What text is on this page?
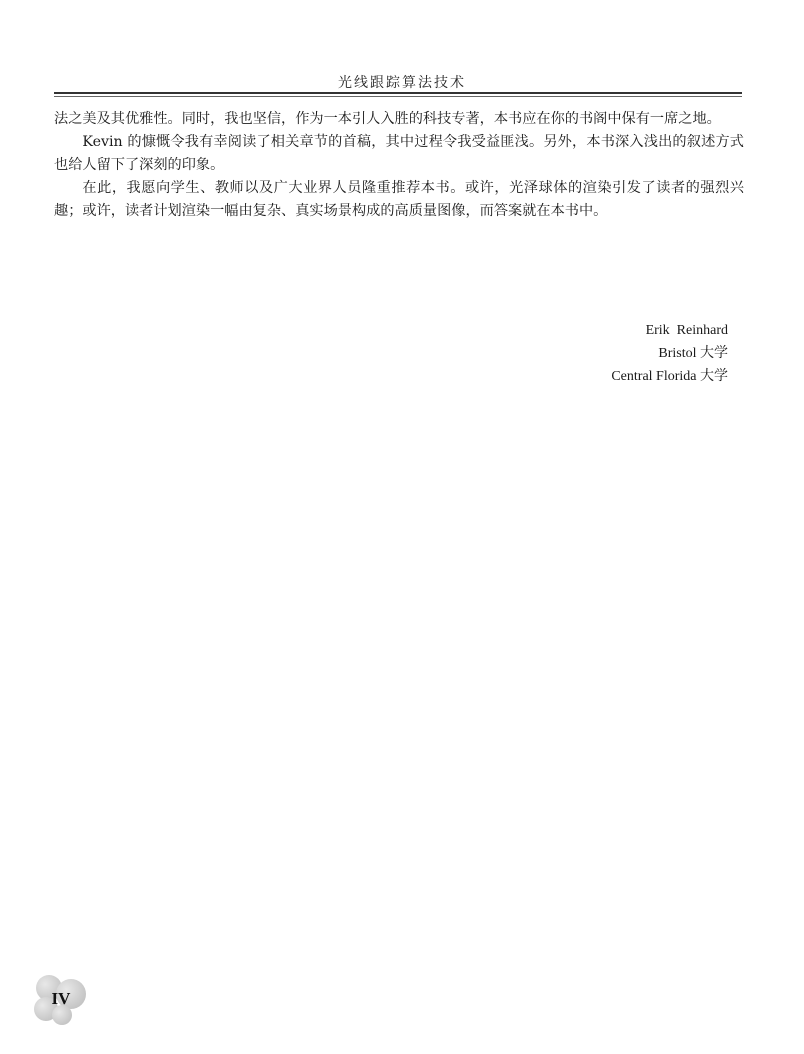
光线跟踪算法技术

法之美及其优雅性。同时，我也坚信，作为一本引人入胜的科技专著，本书应在你的书阁中保有一席之地。

Kevin 的慷慨令我有幸阅读了相关章节的首稿，其中过程令我受益匪浅。另外，本书深入浅出的叙述方式也给人留下了深刻的印象。

在此，我愿向学生、教师以及广大业界人员隆重推荐本书。或许，光泽球体的渲染引发了读者的强烈兴趣；或许，读者计划渲染一幅由复杂、真实场景构成的高质量图像，而答案就在本书中。

Erik  Reinhard
Bristol 大学
Central Florida 大学
IV
